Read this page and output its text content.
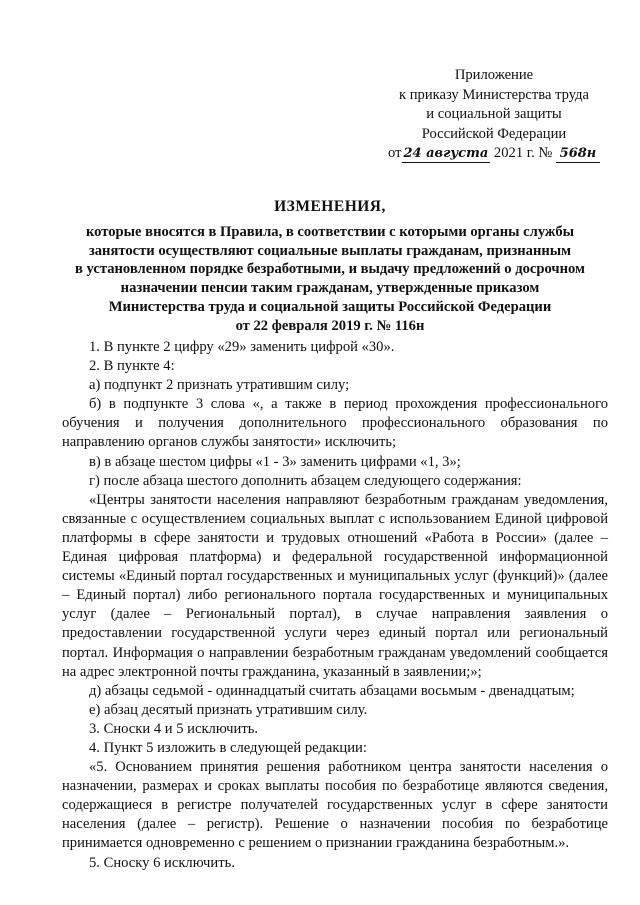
Приложение
к приказу Министерства труда
и социальной защиты
Российской Федерации
от 24 августа 2021 г. № 568н
ИЗМЕНЕНИЯ,
которые вносятся в Правила, в соответствии с которыми органы службы
занятости осуществляют социальные выплаты гражданам, признанным
в установленном порядке безработными, и выдачу предложений о досрочном
назначении пенсии таким гражданам, утвержденные приказом
Министерства труда и социальной защиты Российской Федерации
от 22 февраля 2019 г. № 116н

1. В пункте 2 цифру «29» заменить цифрой «30».

2. В пункте 4:

а) подпункт 2 признать утратившим силу;

б) в подпункте 3 слова «, а также в период прохождения профессионального обучения и получения дополнительного профессионального образования по направлению органов службы занятости» исключить;

в) в абзаце шестом цифры «1 - 3» заменить цифрами «1, 3»;

г) после абзаца шестого дополнить абзацем следующего содержания:

«Центры занятости населения направляют безработным гражданам уведомления, связанные с осуществлением социальных выплат с использованием Единой цифровой платформы в сфере занятости и трудовых отношений «Работа в России» (далее – Единая цифровая платформа) и федеральной государственной информационной системы «Единый портал государственных и муниципальных услуг (функций)» (далее – Единый портал) либо регионального портала государственных и муниципальных услуг (далее – Региональный портал), в случае направления заявления о предоставлении государственной услуги через единый портал или региональный портал. Информация о направлении безработным гражданам уведомлений сообщается на адрес электронной почты гражданина, указанный в заявлении;»;

д) абзацы седьмой - одиннадцатый считать абзацами восьмым - двенадцатым;

е) абзац десятый признать утратившим силу.

3. Сноски 4 и 5 исключить.

4. Пункт 5 изложить в следующей редакции:

«5. Основанием принятия решения работником центра занятости населения о назначении, размерах и сроках выплаты пособия по безработице являются сведения, содержащиеся в регистре получателей государственных услуг в сфере занятости населения (далее – регистр). Решение о назначении пособия по безработице принимается одновременно с решением о признании гражданина безработным.».

5. Сноску 6 исключить.
